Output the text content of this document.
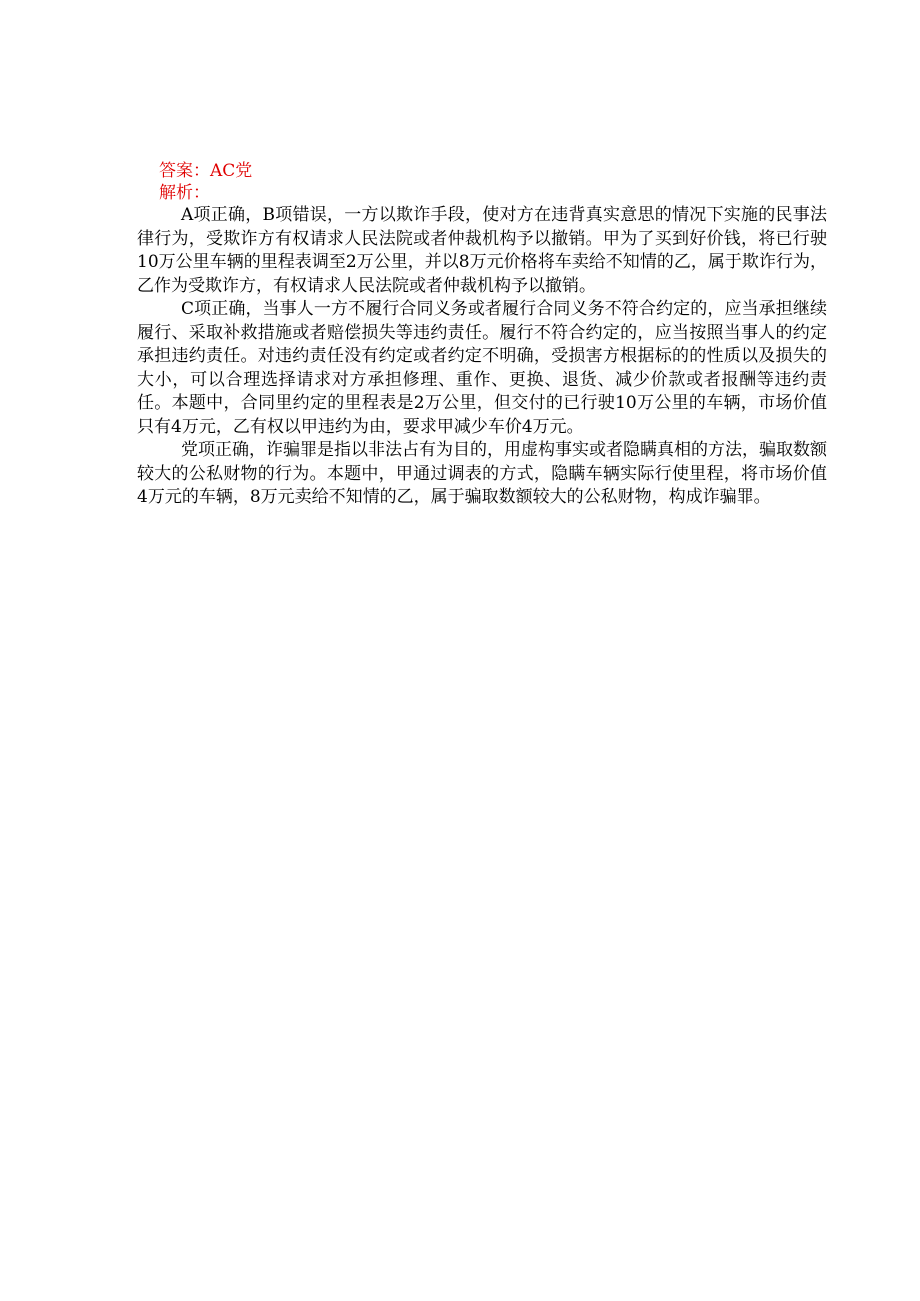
答案：AC党
解析：

A项正确，B项错误，一方以欺诈手段，使对方在违背真实意思的情况下实施的民事法律行为，受欺诈方有权请求人民法院或者仲裁机构予以撤销。甲为了买到好价钱，将已行驶10万公里车辆的里程表调至2万公里，并以8万元价格将车卖给不知情的乙，属于欺诈行为，乙作为受欺诈方，有权请求人民法院或者仲裁机构予以撤销。

C项正确，当事人一方不履行合同义务或者履行合同义务不符合约定的，应当承担继续履行、采取补救措施或者赔偿损失等违约责任。履行不符合约定的，应当按照当事人的约定承担违约责任。对违约责任没有约定或者约定不明确，受损害方根据标的的性质以及损失的大小，可以合理选择请求对方承担修理、重作、更换、退货、减少价款或者报酬等违约责任。本题中，合同里约定的里程表是2万公里，但交付的已行驶10万公里的车辆，市场价值只有4万元，乙有权以甲违约为由，要求甲减少车价4万元。

党项正确，诈骗罪是指以非法占有为目的，用虚构事实或者隐瞒真相的方法，骗取数额较大的公私财物的行为。本题中，甲通过调表的方式，隐瞒车辆实际行使里程，将市场价值4万元的车辆，8万元卖给不知情的乙，属于骗取数额较大的公私财物，构成诈骗罪。
